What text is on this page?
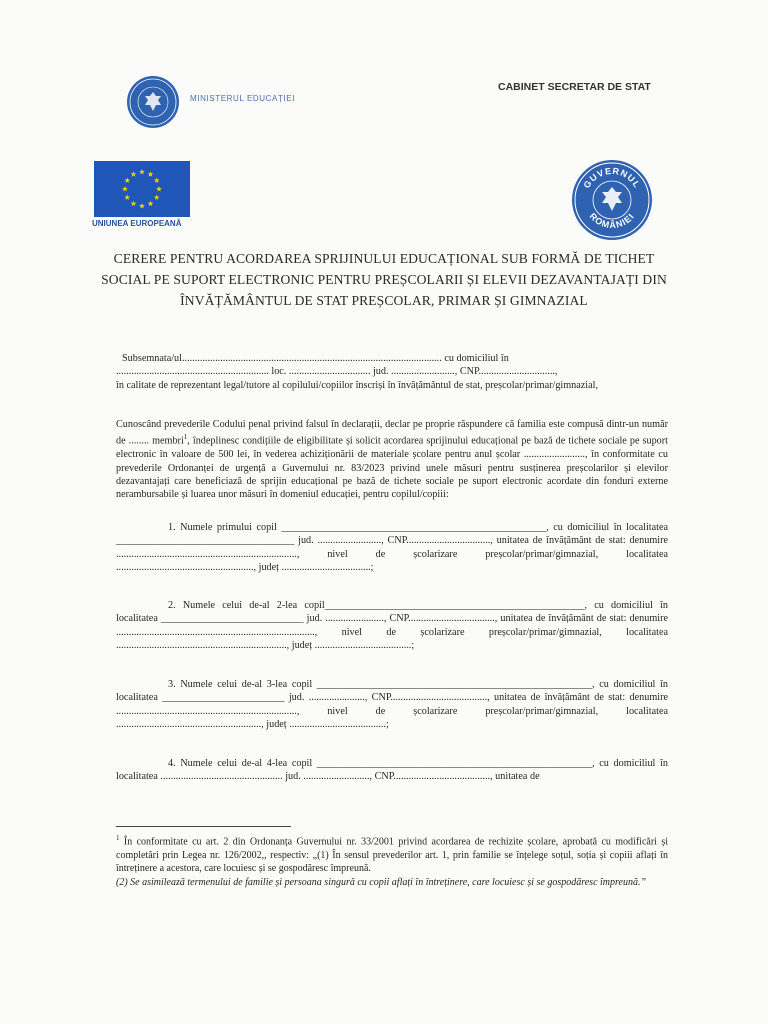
MINISTERUL EDUCAȚIEI
CABINET SECRETAR DE STAT
UNIUNEA EUROPEANĂ
GUVERNUL
ROMÂNIEI
CERERE PENTRU ACORDAREA SPRIJINULUI EDUCAȚIONAL SUB FORMĂ DE TICHET SOCIAL PE SUPORT ELECTRONIC PENTRU PREȘCOLARII ȘI ELEVII DEZAVANTAJAȚI DIN ÎNVĂȚĂMÂNTUL DE STAT PREȘCOLAR, PRIMAR ȘI GIMNAZIAL
Subsemnata/ul...................................................................................................... cu domiciliul în
............................................................ loc. ................................ jud. ........................., CNP..............................,
în calitate de reprezentant legal/tutore al copilului/copiilor înscriși în învățământul de stat, preșcolar/primar/gimnazial,
Cunoscând prevederile Codului penal privind falsul în declarații, declar pe proprie răspundere că familia este compusă dintr-un număr de ........ membri$^1$, îndeplinesc condițiile de eligibilitate și solicit acordarea sprijinului educațional pe bază de tichete sociale pe suport electronic în valoare de 500 lei, în vederea achiziționării de materiale școlare pentru anul școlar ........................, în conformitate cu prevederile Ordonanței de urgență a Guvernului nr. 83/2023 privind unele măsuri pentru susținerea preșcolarilor și elevilor dezavantajați care beneficiază de sprijin educațional pe bază de tichete sociale pe suport electronic acordate din fonduri externe nerambursabile și luarea unor măsuri în domeniul educației, pentru copilul/copiii:

1. Numele primului copil ____________________________________________________, cu domiciliul în localitatea ___________________________________ jud. ........................., CNP................................., unitatea de învățământ de stat: denumire ......................................................................., nivel de școlarizare preșcolar/primar/gimnazial, localitatea ......................................................, județ ...................................;

2. Numele celui de-al 2-lea copil___________________________________________________, cu domiciliul în localitatea ____________________________ jud. ......................., CNP.................................., unitatea de învățământ de stat: denumire .............................................................................., nivel de școlarizare preșcolar/primar/gimnazial, localitatea ..................................................................., județ ......................................;

3. Numele celui de-al 3-lea copil ______________________________________________________, cu domiciliul în localitatea ________________________ jud. ......................, CNP......................................, unitatea de învățământ de stat: denumire ......................................................................., nivel de școlarizare preșcolar/primar/gimnazial, localitatea ........................................................., județ ......................................;

4. Numele celui de-al 4-lea copil ______________________________________________________, cu domiciliul în localitatea ................................................ jud. .........................., CNP......................................, unitatea de

$^1$ În conformitate cu art. 2 din Ordonanța Guvernului nr. 33/2001 privind acordarea de rechizite școlare, aprobată cu modificări și completări prin Legea nr. 126/2002,, respectiv: „(1) În sensul prevederilor art. 1, prin familie se înțelege soțul, soția și copiii aflați în întreținere a acestora, care locuiesc și se gospodăresc împreună.

(2) Se asimilează termenului de familie și persoana singură cu copii aflați în întreținere, care locuiesc și se gospodăresc împreună.”
